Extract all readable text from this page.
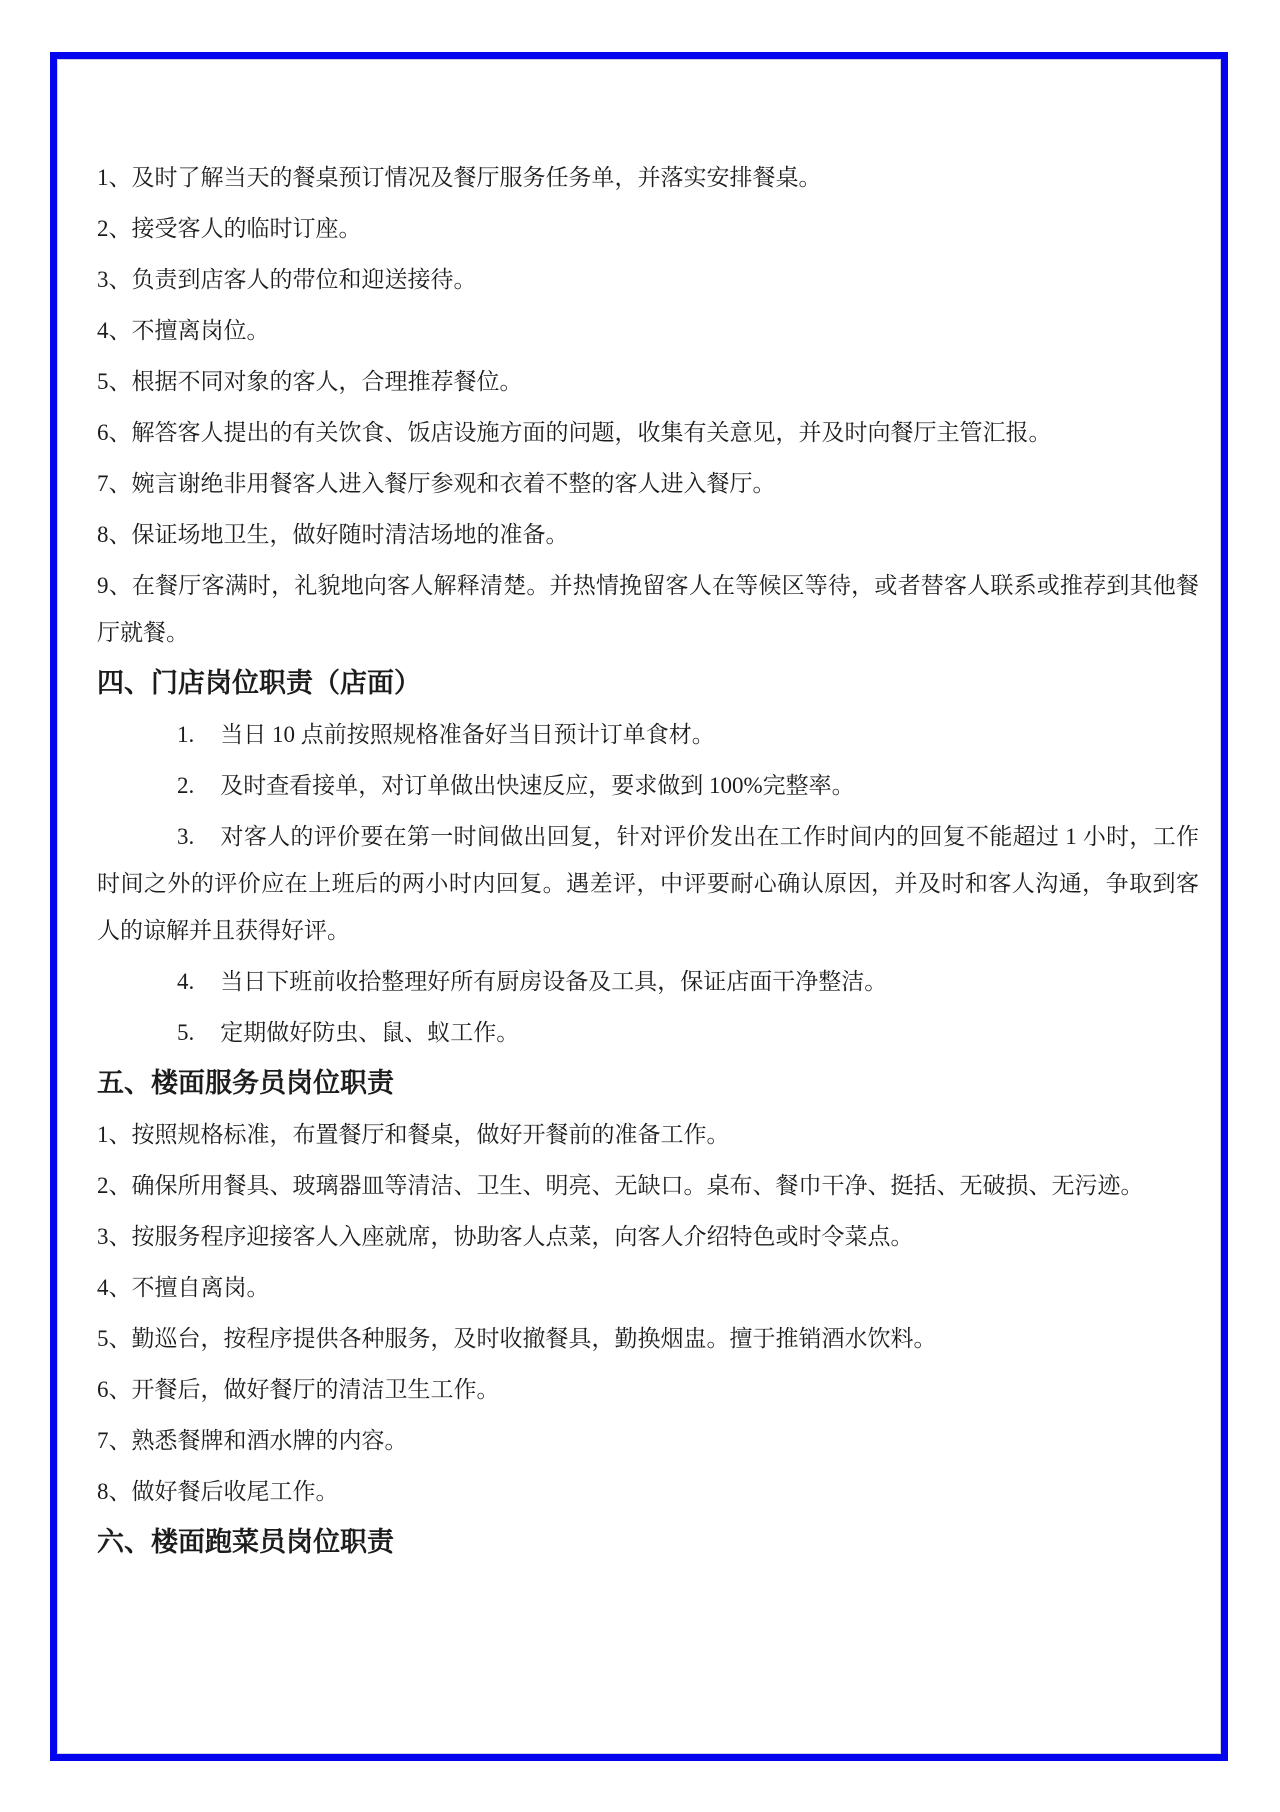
1、及时了解当天的餐桌预订情况及餐厅服务任务单，并落实安排餐桌。

2、接受客人的临时订座。

3、负责到店客人的带位和迎送接待。

4、不擅离岗位。

5、根据不同对象的客人，合理推荐餐位。

6、解答客人提出的有关饮食、饭店设施方面的问题，收集有关意见，并及时向餐厅主管汇报。

7、婉言谢绝非用餐客人进入餐厅参观和衣着不整的客人进入餐厅。

8、保证场地卫生，做好随时清洁场地的准备。

9、在餐厅客满时，礼貌地向客人解释清楚。并热情挽留客人在等候区等待，或者替客人联系或推荐到其他餐厅就餐。

四、门店岗位职责（店面）

1. 当日 10 点前按照规格准备好当日预计订单食材。

2. 及时查看接单，对订单做出快速反应，要求做到 100%完整率。

3. 对客人的评价要在第一时间做出回复，针对评价发出在工作时间内的回复不能超过 1 小时，工作时间之外的评价应在上班后的两小时内回复。遇差评，中评要耐心确认原因，并及时和客人沟通，争取到客人的谅解并且获得好评。

4. 当日下班前收拾整理好所有厨房设备及工具，保证店面干净整洁。

5. 定期做好防虫、鼠、蚁工作。

五、楼面服务员岗位职责

1、按照规格标准，布置餐厅和餐桌，做好开餐前的准备工作。

2、确保所用餐具、玻璃器皿等清洁、卫生、明亮、无缺口。桌布、餐巾干净、挺括、无破损、无污迹。

3、按服务程序迎接客人入座就席，协助客人点菜，向客人介绍特色或时令菜点。

4、不擅自离岗。

5、勤巡台，按程序提供各种服务，及时收撤餐具，勤换烟盅。擅于推销酒水饮料。

6、开餐后，做好餐厅的清洁卫生工作。

7、熟悉餐牌和酒水牌的内容。

8、做好餐后收尾工作。

六、楼面跑菜员岗位职责
